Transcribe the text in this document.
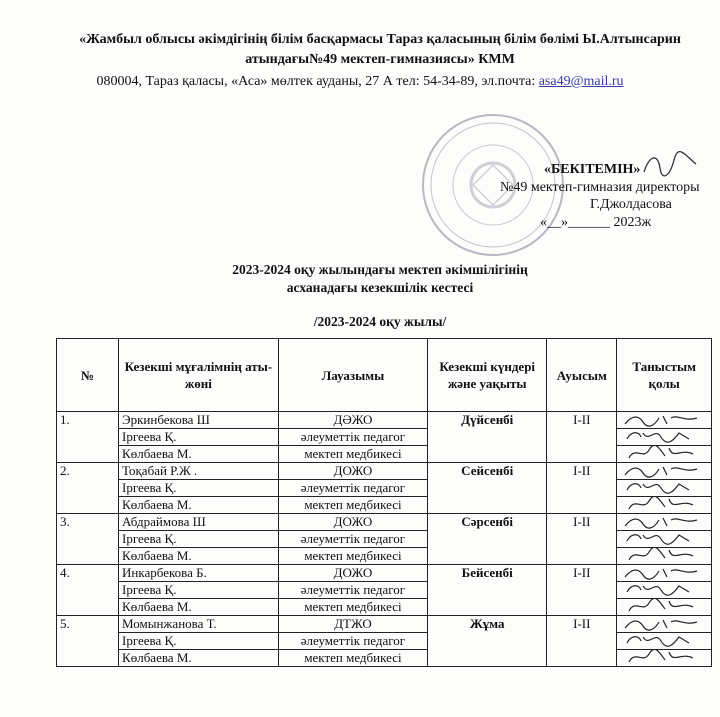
«Жамбыл облысы әкімдігінің білім басқармасы Тараз қаласының білім бөлімі Ы.Алтынсарин атындағы№49 мектеп-гимназиясы» КММ
080004, Тараз қаласы, «Аса» мөлтек ауданы, 27 А тел: 54-34-89, эл.почта: asa49@mail.ru
«БЕКІТЕМІН»
№49 мектеп-гимназия директоры
Г.Джолдасова
«__»______ 2023ж
2023-2024 оқу жылындағы мектеп әкімшілігінің
асханадағы кезекшілік кестесі
/2023-2024 оқу жылы/
№	Кезекші мұғалімнің аты-жөні	Лауазымы	Кезекші күндері және уақыты	Ауысым	Таныстым қолы
1.	Эркинбекова Ш	ДӘЖО	Дүйсенбі	I-II	

	Іргеева Қ.	әлеуметтік педагог	

	Көлбаева М.	мектеп медбикесі	

2.	Тоқабай Р.Ж .	ДОЖО	Сейсенбі	I-II	

	Іргеева Қ.	әлеуметтік педагог	

	Көлбаева М.	мектеп медбикесі	

3.	Абдраймова Ш	ДОЖО	Сәрсенбі	I-II	

	Іргеева Қ.	әлеуметтік педагог	

	Көлбаева М.	мектеп медбикесі	

4.	Инкарбекова Б.	ДОЖО	Бейсенбі	I-II	

	Іргеева Қ.	әлеуметтік педагог	

	Көлбаева М.	мектеп медбикесі	

5.	Момынжанова Т.	ДТЖО	Жұма	I-II	

	Іргеева Қ.	әлеуметтік педагог	

	Көлбаева М.	мектеп медбикесі	
